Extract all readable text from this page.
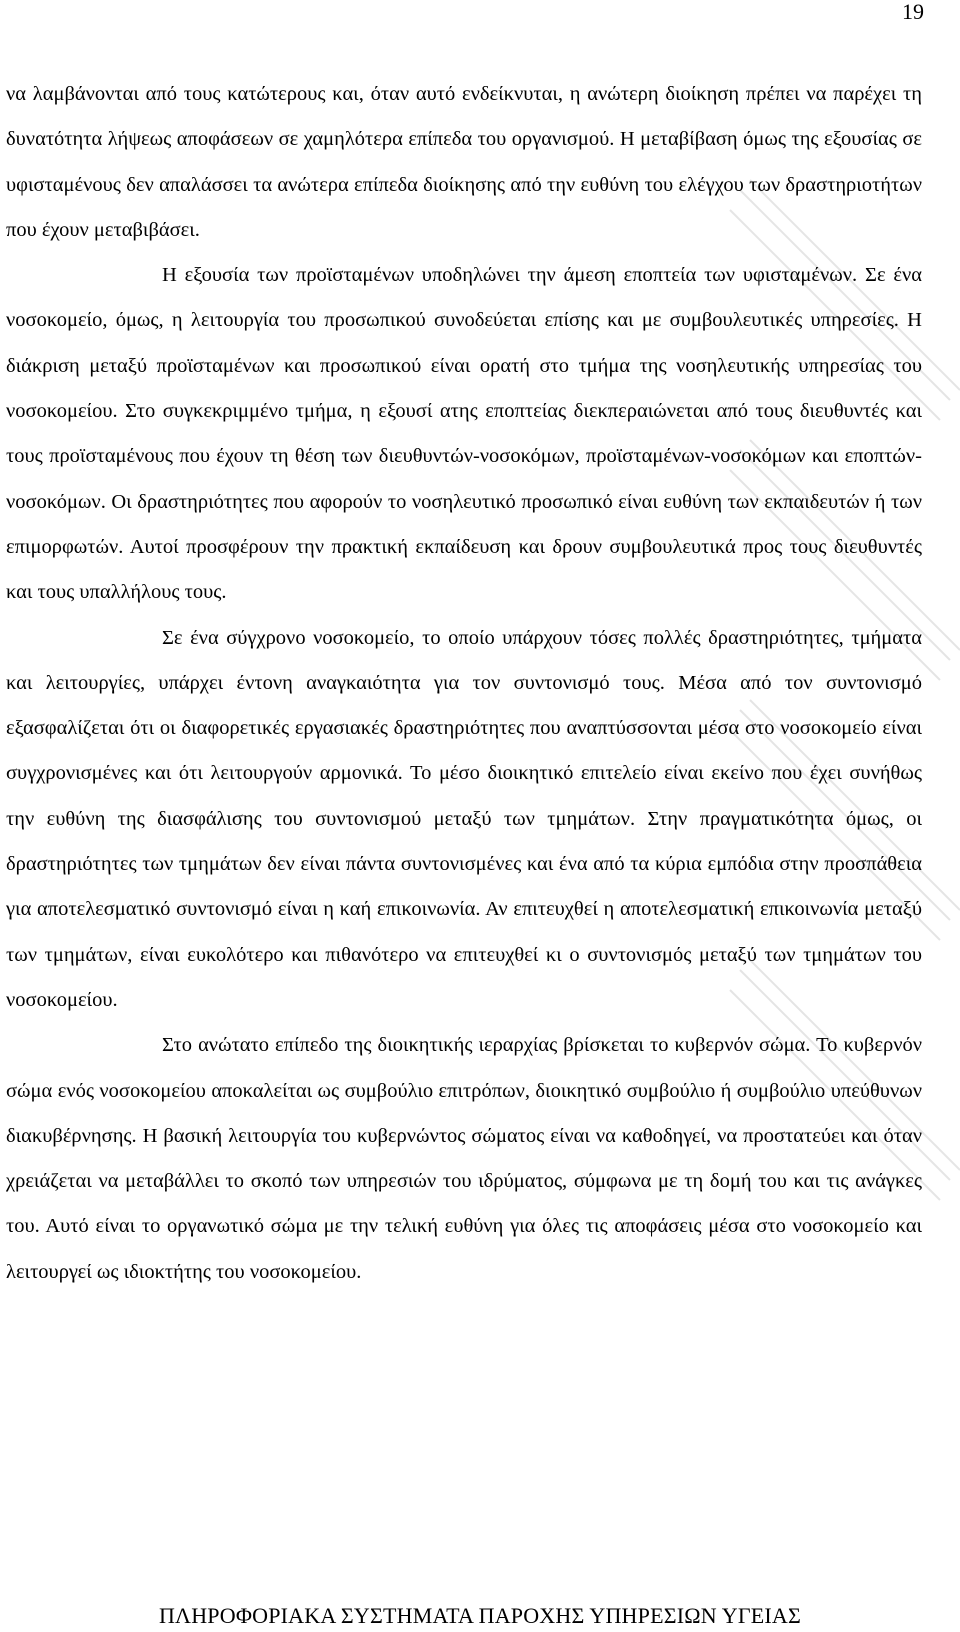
19

να λαμβάνονται από τους κατώτερους και, όταν αυτό ενδείκνυται, η ανώτερη διοίκηση πρέπει να παρέχει τη δυνατότητα λήψεως αποφάσεων σε χαμηλότερα επίπεδα του οργανισμού. Η μεταβίβαση όμως της εξουσίας σε υφισταμένους δεν απαλάσσει τα ανώτερα επίπεδα διοίκησης από την ευθύνη του ελέγχου των δραστηριοτήτων που έχουν μεταβιβάσει.

Η εξουσία των προϊσταμένων υποδηλώνει την άμεση εποπτεία των υφισταμένων. Σε ένα νοσοκομείο, όμως, η λειτουργία του προσωπικού συνοδεύεται επίσης και με συμβουλευτικές υπηρεσίες. Η διάκριση μεταξύ προϊσταμένων και προσωπικού είναι ορατή στο τμήμα της νοσηλευτικής υπηρεσίας του νοσοκομείου. Στο συγκεκριμμένο τμήμα, η εξουσί ατης εποπτείας διεκπεραιώνεται από τους διευθυντές και τους προϊσταμένους που έχουν τη θέση των διευθυντών-νοσοκόμων, προϊσταμένων-νοσοκόμων και εποπτών-νοσοκόμων. Οι δραστηριότητες που αφορούν το νοσηλευτικό προσωπικό είναι ευθύνη των εκπαιδευτών ή των επιμορφωτών. Αυτοί προσφέρουν την πρακτική εκπαίδευση και δρουν συμβουλευτικά προς τους διευθυντές και τους υπαλλήλους τους.

Σε ένα σύγχρονο νοσοκομείο, το οποίο υπάρχουν τόσες πολλές δραστηριότητες, τμήματα και λειτουργίες, υπάρχει έντονη αναγκαιότητα για τον συντονισμό τους. Μέσα από τον συντονισμό εξασφαλίζεται ότι οι διαφορετικές εργασιακές δραστηριότητες που αναπτύσσονται μέσα στο νοσοκομείο είναι συγχρονισμένες και ότι λειτουργούν αρμονικά. Το μέσο διοικητικό επιτελείο είναι εκείνο που έχει συνήθως την ευθύνη της διασφάλισης του συντονισμού μεταξύ των τμημάτων. Στην πραγματικότητα όμως, οι δραστηριότητες των τμημάτων δεν είναι πάντα συντονισμένες και ένα από τα κύρια εμπόδια στην προσπάθεια για αποτελεσματικό συντονισμό είναι η καή επικοινωνία. Αν επιτευχθεί η αποτελεσματική επικοινωνία μεταξύ των τμημάτων, είναι ευκολότερο και πιθανότερο να επιτευχθεί κι ο συντονισμός μεταξύ των τμημάτων του νοσοκομείου.

Στο ανώτατο επίπεδο της διοικητικής ιεραρχίας βρίσκεται το κυβερνόν σώμα. Το κυβερνόν σώμα ενός νοσοκομείου αποκαλείται ως συμβούλιο επιτρόπων, διοικητικό συμβούλιο ή συμβούλιο υπεύθυνων διακυβέρνησης. Η βασική λειτουργία του κυβερνώντος σώματος είναι να καθοδηγεί, να προστατεύει και όταν χρειάζεται να μεταβάλλει το σκοπό των υπηρεσιών του ιδρύματος, σύμφωνα με τη δομή του και τις ανάγκες του. Αυτό είναι το οργανωτικό σώμα με την τελική ευθύνη για όλες τις αποφάσεις μέσα στο νοσοκομείο και λειτουργεί ως ιδιοκτήτης του νοσοκομείου.

ΠΛΗΡΟΦΟΡΙΑΚΑ ΣΥΣΤΗΜΑΤΑ ΠΑΡΟΧΗΣ ΥΠΗΡΕΣΙΩΝ ΥΓΕΙΑΣ
